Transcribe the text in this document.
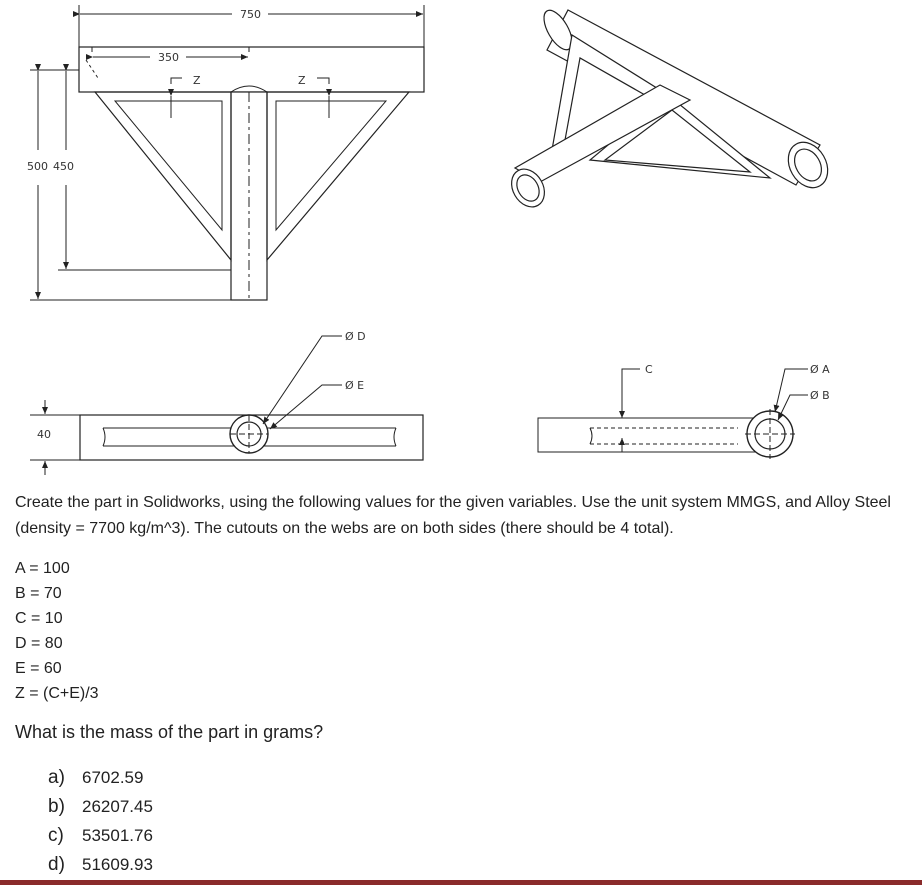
750
350
Z	Z
500 450
40
Ø D
Ø E
C	Ø A
Ø B
Create the part in Solidworks, using the following values for the given variables. Use the unit system MMGS, and Alloy Steel (density = 7700 kg/m^3). The cutouts on the webs are on both sides (there should be 4 total).
A = 100
B = 70
C = 10
D = 80
E = 60
Z = (C+E)/3
What is the mass of the part in grams?
a) 6702.59
b) 26207.45
c) 53501.76
d) 51609.93
